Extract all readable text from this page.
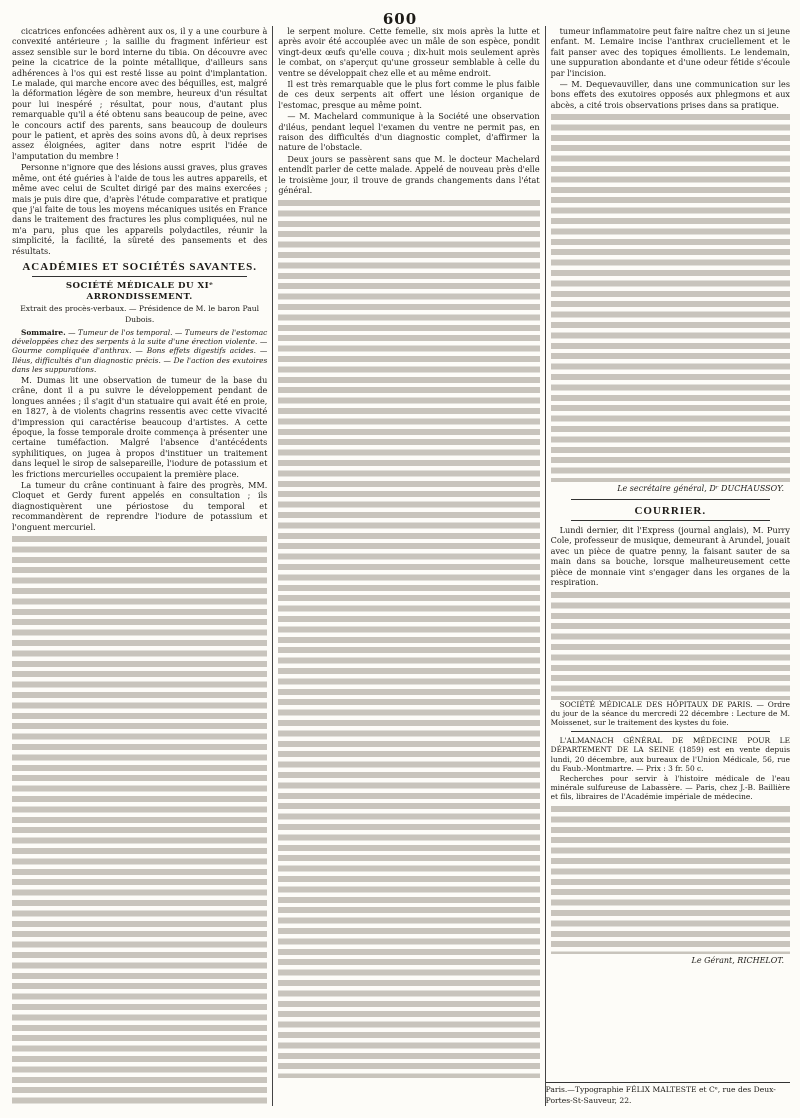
600

cicatrices enfoncées adhèrent aux os, il y a une courbure à convexité antérieure ; la saillie du fragment inférieur est assez sensible sur le bord interne du tibia. On découvre avec peine la cicatrice de la pointe métallique, d'ailleurs sans adhérences à l'os qui est resté lisse au point d'implantation. Le malade, qui marche encore avec des béquilles, est, malgré la déformation légère de son membre, heureux d'un résultat pour lui inespéré ; résultat, pour nous, d'autant plus remarquable qu'il a été obtenu sans beaucoup de peine, avec le concours actif des parents, sans beaucoup de douleurs pour le patient, et après des soins avons dû, à deux reprises assez éloignées, agiter dans notre esprit l'idée de l'amputation du membre !

Personne n'ignore que des lésions aussi graves, plus graves même, ont été guéries à l'aide de tous les autres appareils, et même avec celui de Scultet dirigé par des mains exercées ; mais je puis dire que, d'après l'étude comparative et pratique que j'ai faite de tous les moyens mécaniques usités en France dans le traitement des fractures les plus compliquées, nul ne m'a paru, plus que les appareils polydactiles, réunir la simplicité, la facilité, la sûreté des pansements et des résultats.

ACADÉMIES ET SOCIÉTÉS SAVANTES.
SOCIÉTÉ MÉDICALE DU XIᵉ ARRONDISSEMENT.
Extrait des procès-verbaux. — Présidence de M. le baron Paul Dubois.

Sommaire. — Tumeur de l'os temporal. — Tumeurs de l'estomac développées chez des serpents à la suite d'une érection violente. — Gourme compliquée d'anthrax. — Bons effets digestifs acides. — Iléus, difficultés d'un diagnostic précis. — De l'action des exutoires dans les suppurations.

M. Dumas lit une observation de tumeur de la base du crâne, dont il a pu suivre le développement pendant de longues années ; il s'agit d'un statuaire qui avait été en proie, en 1827, à de violents chagrins ressentis avec cette vivacité d'impression qui caractérise beaucoup d'artistes. A cette époque, la fosse temporale droite commença à présenter une certaine tuméfaction. Malgré l'absence d'antécédents syphilitiques, on jugea à propos d'instituer un traitement dans lequel le sirop de salsepareille, l'iodure de potassium et les frictions mercurielles occupaient la première place.

La tumeur du crâne continuant à faire des progrès, MM. Cloquet et Gerdy furent appelés en consultation ; ils diagnostiquèrent une périostose du temporal et recommandèrent de reprendre l'iodure de potassium et l'onguent mercuriel.

le serpent molure. Cette femelle, six mois après la lutte et après avoir été accouplée avec un mâle de son espèce, pondit vingt-deux œufs qu'elle couva ; dix-huit mois seulement après le combat, on s'aperçut qu'une grosseur semblable à celle du ventre se développait chez elle et au même endroit.

Il est très remarquable que le plus fort comme le plus faible de ces deux serpents ait offert une lésion organique de l'estomac, presque au même point.

— M. Machelard communique à la Société une observation d'iléus, pendant lequel l'examen du ventre ne permit pas, en raison des difficultés d'un diagnostic complet, d'affirmer la nature de l'obstacle.

Deux jours se passèrent sans que M. le docteur Machelard entendît parler de cette malade. Appelé de nouveau près d'elle le troisième jour, il trouve de grands changements dans l'état général.

tumeur inflammatoire peut faire naître chez un si jeune enfant. M. Lemaire incise l'anthrax cruciellement et le fait panser avec des topiques émollients. Le lendemain, une suppuration abondante et d'une odeur fétide s'écoule par l'incision.

— M. Dequevauviller, dans une communication sur les bons effets des exutoires opposés aux phlegmons et aux abcès, a cité trois observations prises dans sa pratique.

Le secrétaire général, Dʳ DUCHAUSSOY.
COURRIER.

Lundi dernier, dit l'Express (journal anglais), M. Purry Cole, professeur de musique, demeurant à Arundel, jouait avec un pièce de quatre penny, la faisant sauter de sa main dans sa bouche, lorsque malheureusement cette pièce de monnaie vint s'engager dans les organes de la respiration.

SOCIÉTÉ MÉDICALE DES HÔPITAUX DE PARIS. — Ordre du jour de la séance du mercredi 22 décembre : Lecture de M. Moissenet, sur le traitement des kystes du foie.

L'ALMANACH GÉNÉRAL DE MÉDECINE POUR LE DÉPARTEMENT DE LA SEINE (1859) est en vente depuis lundi, 20 décembre, aux bureaux de l'Union Médicale, 56, rue du Faub.-Montmartre. — Prix : 3 fr. 50 c.

Recherches pour servir à l'histoire médicale de l'eau minérale sulfureuse de Labassère. — Paris, chez J.-B. Baillière et fils, libraires de l'Académie impériale de médecine.

Le Gérant, RICHELOT.
Paris.—Typographie FÉLIX MALTESTE et Cᵉ, rue des Deux-Portes-St-Sauveur, 22.
